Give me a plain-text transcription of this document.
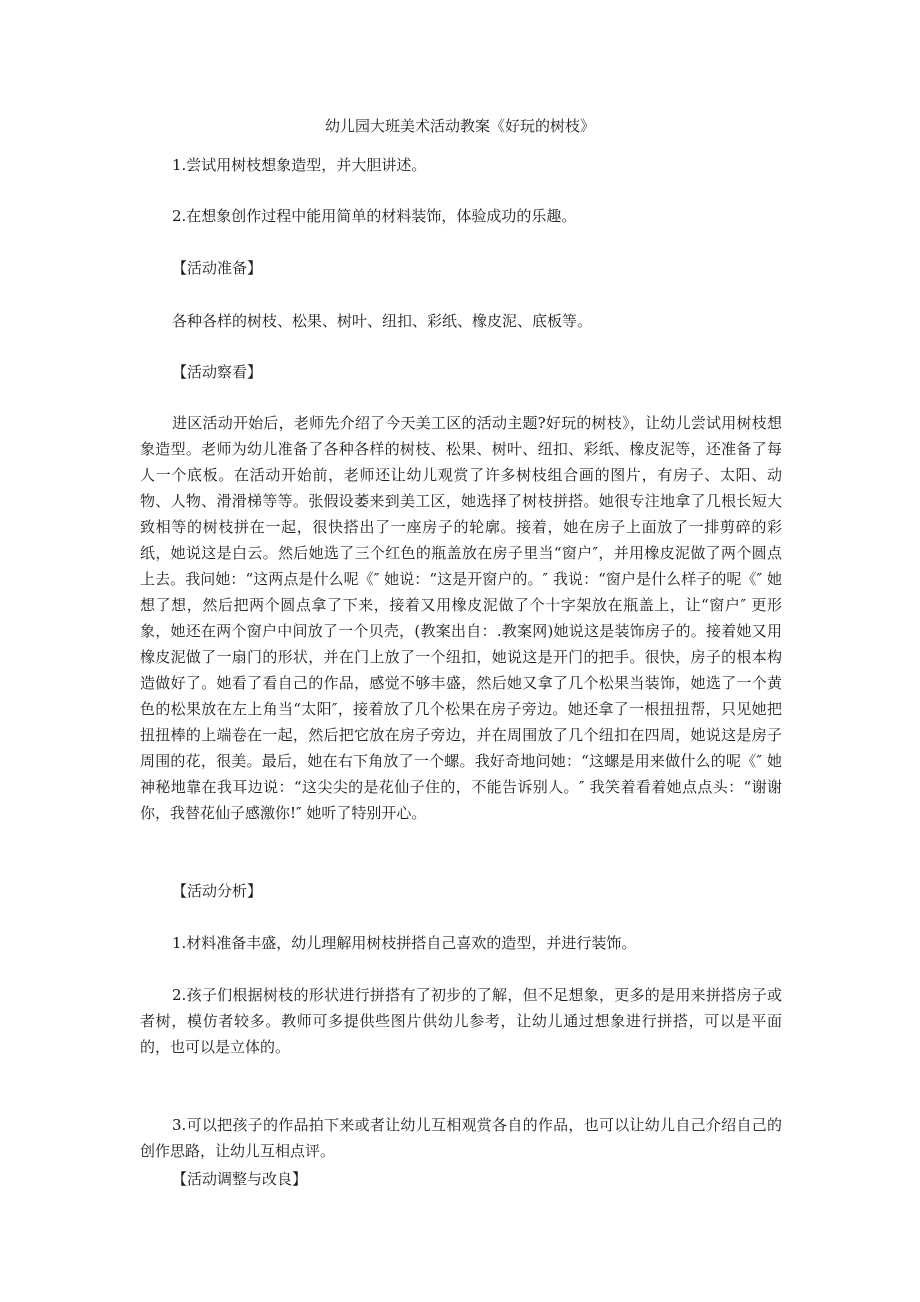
幼儿园大班美术活动教案《好玩的树枝》
1.尝试用树枝想象造型，并大胆讲述。
2.在想象创作过程中能用简单的材料装饰，体验成功的乐趣。
【活动准备】
各种各样的树枝、松果、树叶、纽扣、彩纸、橡皮泥、底板等。
【活动察看】
进区活动开始后，老师先介绍了今天美工区的活动主题?好玩的树枝》，让幼儿尝试用树枝想象造型。老师为幼儿准备了各种各样的树枝、松果、树叶、纽扣、彩纸、橡皮泥等，还准备了每人一个底板。在活动开始前，老师还让幼儿观赏了许多树枝组合画的图片，有房子、太阳、动物、人物、滑滑梯等等。张假设萎来到美工区，她选择了树枝拼搭。她很专注地拿了几根长短大致相等的树枝拼在一起，很快搭出了一座房子的轮廓。接着，她在房子上面放了一排剪碎的彩纸，她说这是白云。然后她选了三个红色的瓶盖放在房子里当“窗户″，并用橡皮泥做了两个圆点上去。我问她：“这两点是什么呢《″ 她说：“这是开窗户的。″ 我说：“窗户是什么样子的呢《″ 她想了想，然后把两个圆点拿了下来，接着又用橡皮泥做了个十字架放在瓶盖上，让“窗户″ 更形象，她还在两个窗户中间放了一个贝壳，(教案出自：.教案网)她说这是装饰房子的。接着她又用橡皮泥做了一扇门的形状，并在门上放了一个纽扣，她说这是开门的把手。很快，房子的根本构造做好了。她看了看自己的作品，感觉不够丰盛，然后她又拿了几个松果当装饰，她选了一个黄色的松果放在左上角当“太阳″，接着放了几个松果在房子旁边。她还拿了一根扭扭帮，只见她把扭扭棒的上端卷在一起，然后把它放在房子旁边，并在周围放了几个纽扣在四周，她说这是房子周围的花，很美。最后，她在右下角放了一个螺。我好奇地问她：“这螺是用来做什么的呢《″ 她神秘地靠在我耳边说：“这尖尖的是花仙子住的，不能告诉别人。″ 我笑着看着她点点头：“谢谢你，我替花仙子感激你!″ 她听了特别开心。
【活动分析】
1.材料准备丰盛，幼儿理解用树枝拼搭自己喜欢的造型，并进行装饰。
2.孩子们根据树枝的形状进行拼搭有了初步的了解，但不足想象，更多的是用来拼搭房子或者树，模仿者较多。教师可多提供些图片供幼儿参考，让幼儿通过想象进行拼搭，可以是平面的，也可以是立体的。
3.可以把孩子的作品拍下来或者让幼儿互相观赏各自的作品，也可以让幼儿自己介绍自己的创作思路，让幼儿互相点评。
【活动调整与改良】
